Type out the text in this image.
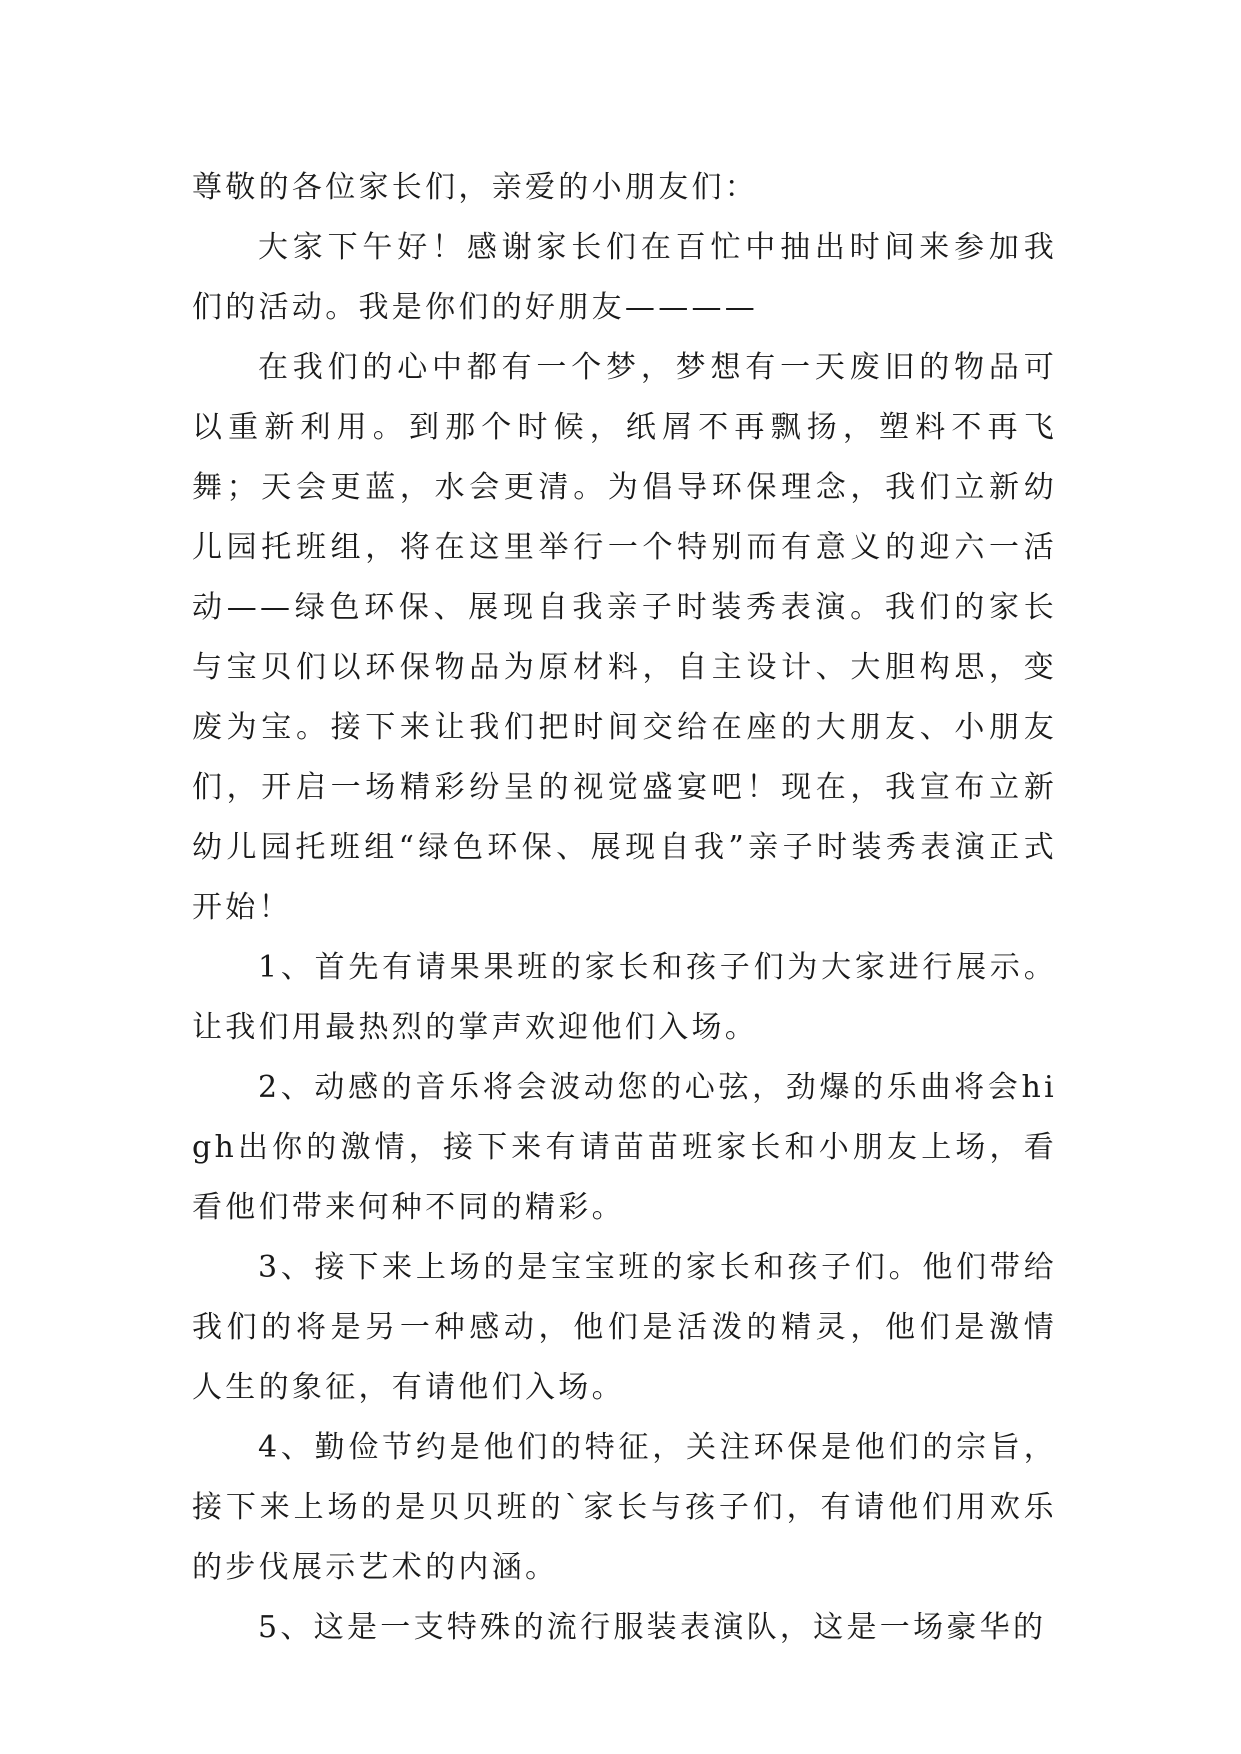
尊敬的各位家长们，亲爱的小朋友们：

大家下午好！感谢家长们在百忙中抽出时间来参加我们的活动。我是你们的好朋友————

在我们的心中都有一个梦，梦想有一天废旧的物品可以重新利用。到那个时候，纸屑不再飘扬，塑料不再飞舞；天会更蓝，水会更清。为倡导环保理念，我们立新幼儿园托班组，将在这里举行一个特别而有意义的迎六一活动——绿色环保、展现自我亲子时装秀表演。我们的家长与宝贝们以环保物品为原材料，自主设计、大胆构思，变废为宝。接下来让我们把时间交给在座的大朋友、小朋友们，开启一场精彩纷呈的视觉盛宴吧！现在，我宣布立新幼儿园托班组“绿色环保、展现自我”亲子时装秀表演正式开始！

1、首先有请果果班的家长和孩子们为大家进行展示。让我们用最热烈的掌声欢迎他们入场。

2、动感的音乐将会波动您的心弦，劲爆的乐曲将会high出你的激情，接下来有请苗苗班家长和小朋友上场，看看他们带来何种不同的精彩。

3、接下来上场的是宝宝班的家长和孩子们。他们带给我们的将是另一种感动，他们是活泼的精灵，他们是激情人生的象征，有请他们入场。

4、勤俭节约是他们的特征，关注环保是他们的宗旨，接下来上场的是贝贝班的`家长与孩子们，有请他们用欢乐的步伐展示艺术的内涵。

5、这是一支特殊的流行服装表演队，这是一场豪华的
